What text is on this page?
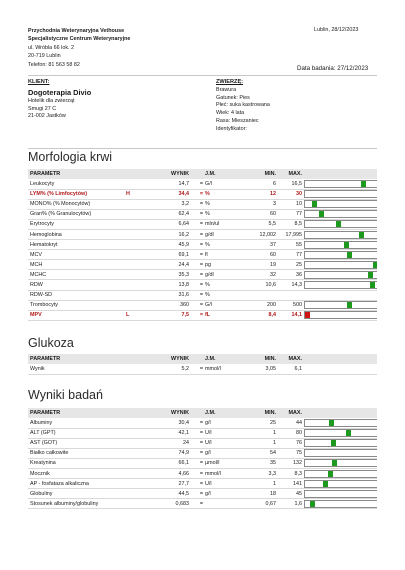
Przychodnia Weterynaryjna Vethouse
Specjalistyczne Centrum Weterynaryjne
ul. Wróbla 66 lok. 2
20-719 Lublin
Telefon: 81 563 58 82
Lublin, 28/12/2023
Data badania: 27/12/2023
KLIENT:
Dogoterapia Divio
Hotelik dla zwierząt
Smugi 27 C
21-002 Jastków
ZWIERZĘ:
Brawura
Gatunek: Pies
Płeć: suka kastrowana
Wiek: 4 lata
Rasa: Mieszaniec
Identyfikator:
Morfologia krwi
Glukoza
Wyniki badań
PARAMETR		WYNIK		J.M.	MIN.	MAX.	
Leukocyty		14,7	=	G/l	6	16,5	

LYM% (% Limfocytów)	H	34,4	=	%	12	30	

MONO% (% Monocytów)		3,2	=	%	3	10	

Gran% (% Granulocytów)		62,4	=	%	60	77	

Erytrocyty		6,64	=	mln/ul	5,5	8,5	

Hemoglobina		16,2	=	g/dl	12,002	17,995	

Hematokryt		45,9	=	%	37	55	

MCV		69,1	=	fl	60	77	

MCH		24,4	=	pg	19	25	

MCHC		35,3	=	g/dl	32	36	

RDW		13,8	=	%	10,6	14,3	

RDW-SD		31,6	=	%			
Trombocyty		360	=	G/l	200	500	

MPV	L	7,5	=	fL	8,4	14,1	
PARAMETR		WYNIK		J.M.	MIN.	MAX.	
Wynik		5,2	=	mmol/l	3,05	6,1	
PARAMETR		WYNIK		J.M.	MIN.	MAX.	
Albuminy		30,4	=	g/l	25	44	

ALT (GPT)		42,1	=	U/l	1	80	

AST (GOT)		24	=	U/l	1	76	

Białko całkowite		74,9	=	g/l	54	75	

Kreatynina		66,1	=	µmol/l	35	132	

Mocznik		4,66	=	mmol/l	3,3	8,3	

AP - fosfataza alkaliczna		27,7	=	U/l	1	141	

Globuliny		44,5	=	g/l	18	45	

Stosunek albuminy/globuliny		0,683	=		0,67	1,6	
